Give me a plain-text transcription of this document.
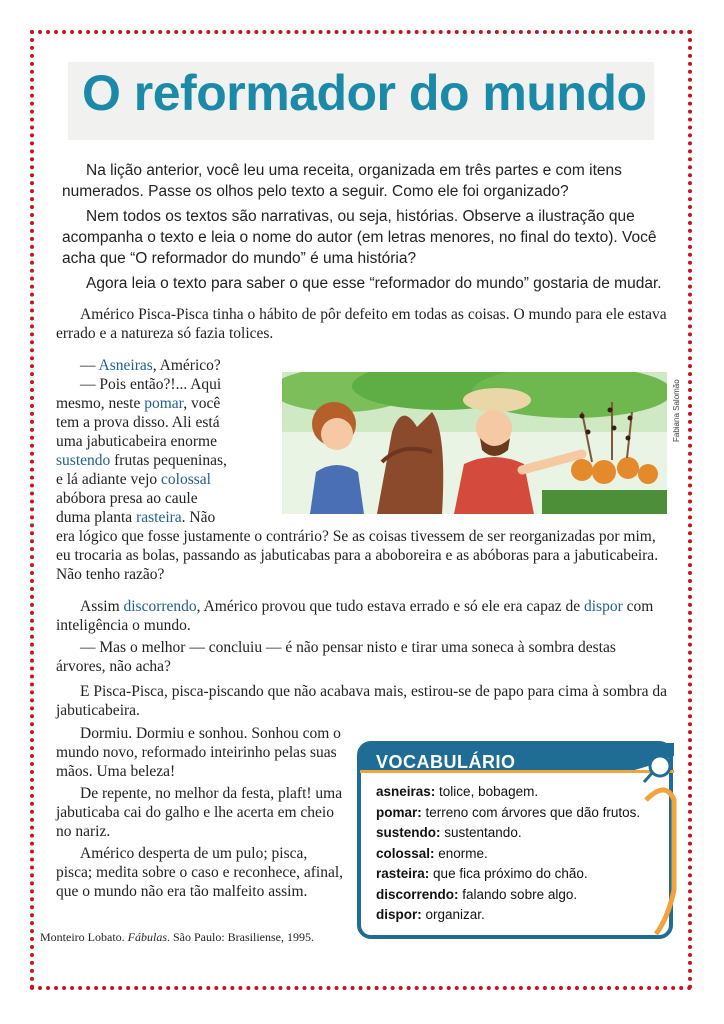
O reformador do mundo

Na lição anterior, você leu uma receita, organizada em três partes e com itens numerados. Passe os olhos pelo texto a seguir. Como ele foi organizado?

Nem todos os textos são narrativas, ou seja, histórias. Observe a ilustração que acompanha o texto e leia o nome do autor (em letras menores, no final do texto). Você acha que “O reformador do mundo” é uma história?

Agora leia o texto para saber o que esse “reformador do mundo” gostaria de mudar.

Américo Pisca-Pisca tinha o hábito de pôr defeito em todas as coisas. O mundo para ele estava errado e a natureza só fazia tolices.

— Asneiras, Américo?
— Pois então?!... Aqui
mesmo, neste pomar, você
tem a prova disso. Ali está
uma jabuticabeira enorme
sustendo frutas pequeninas,
e lá adiante vejo colossal
abóbora presa ao caule
duma planta rasteira. Não
Fabiana Salomão

era lógico que fosse justamente o contrário? Se as coisas tivessem de ser reorganizadas por mim, eu trocaria as bolas, passando as jabuticabas para a aboboreira e as abóboras para a jabuticabeira. Não tenho razão?

Assim discorrendo, Américo provou que tudo estava errado e só ele era capaz de dispor com inteligência o mundo.

— Mas o melhor — concluiu — é não pensar nisto e tirar uma soneca à sombra destas árvores, não acha?

E Pisca-Pisca, pisca-piscando que não acabava mais, estirou-se de papo para cima à sombra da jabuticabeira.

Dormiu. Dormiu e sonhou. Sonhou com o mundo novo, reformado inteirinho pelas suas mãos. Uma beleza!

De repente, no melhor da festa, plaft! uma jabuticaba cai do galho e lhe acerta em cheio no nariz.

Américo desperta de um pulo; pisca, pisca; medita sobre o caso e reconhece, afinal, que o mundo não era tão malfeito assim.

Monteiro Lobato. Fábulas. São Paulo: Brasiliense, 1995.
VOCABULÁRIO
asneiras: tolice, bobagem.
pomar: terreno com árvores que dão frutos.
sustendo: sustentando.
colossal: enorme.
rasteira: que fica próximo do chão.
discorrendo: falando sobre algo.
dispor: organizar.
